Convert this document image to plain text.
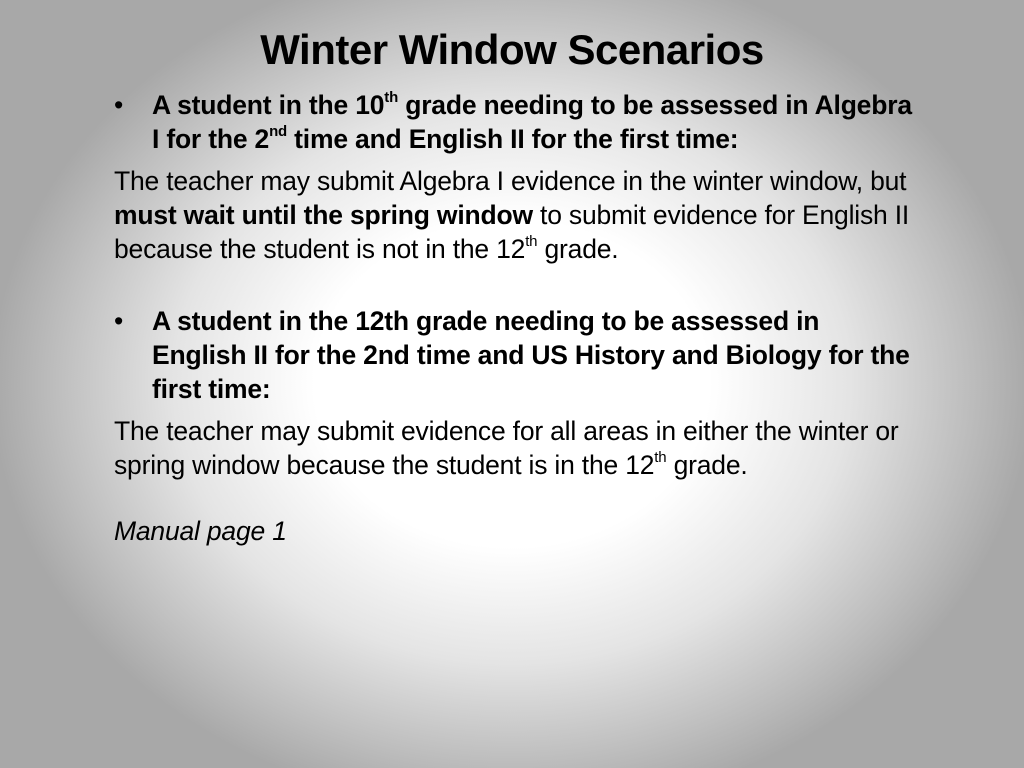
Winter Window Scenarios
•	A student in the 10th grade needing to be assessed in Algebra I for the 2nd time and English II for the first time:
The teacher may submit Algebra I evidence in the winter window, but must wait until the spring window to submit evidence for English II because the student is not in the 12th grade.
•	A student in the 12th grade needing to be assessed in English II for the 2nd time and US History and Biology for the first time:
The teacher may submit evidence for all areas in either the winter or spring window because the student is in the 12th grade.
Manual page 1
